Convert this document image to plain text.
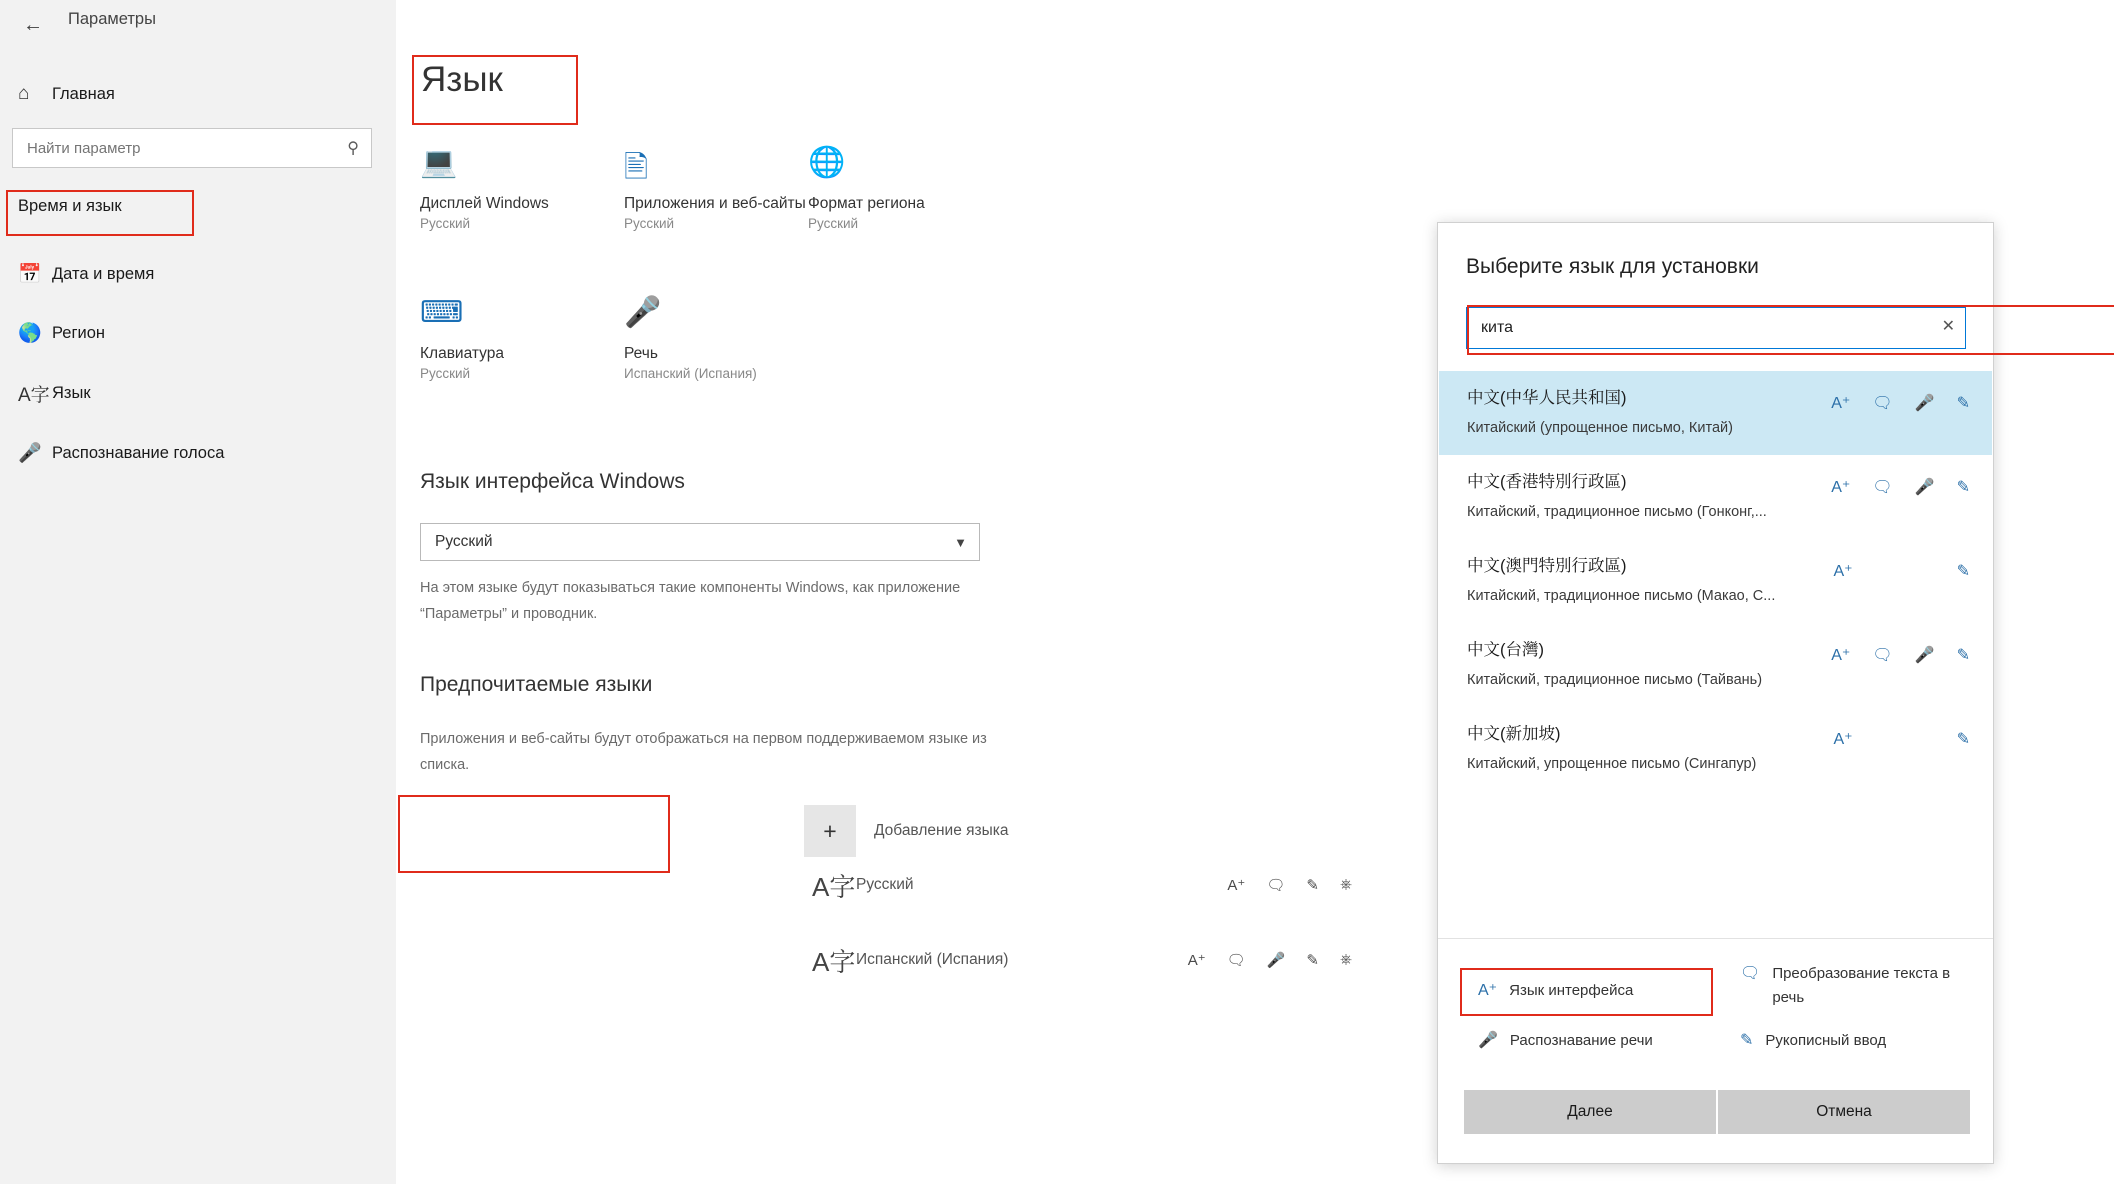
←	Параметры
Найти параметр
⚲
⌂	Главная
Время и язык
📅 Дата и время
🌎 Регион
A字 Язык
🎤 Распознавание голоса
Язык
💻
Дисплей Windows
Русский
🖹
Приложения и веб-сайты
Русский
🌐
Формат региона
Русский
⌨
Клавиатура
Русский
🎤
Речь
Испанский (Испания)
Язык интерфейса Windows
Русский	▼
На этом языке будут показываться такие компоненты Windows, как приложение “Параметры” и проводник.
Предпочитаемые языки
Приложения и веб-сайты будут отображаться на первом поддерживаемом языке из списка.
+	Добавление языка
A字 Русский	A⁺ 🗨 ✎ ⎈
A字 Испанский (Испания)	A⁺ 🗨 🎤 ✎ ⎈
Выберите язык для установки
кита
✕
中文(中华人民共和国)
Китайский (упрощенное письмо, Китай)
A⁺ 🗨 🎤 ✎
中文(香港特別行政區)
Китайский, традиционное письмо (Гонконг,...
A⁺ 🗨 🎤 ✎
中文(澳門特別行政區)
Китайский, традиционное письмо (Макао, С...
A⁺	✎
中文(台灣)
Китайский, традиционное письмо (Тайвань)
A⁺ 🗨 🎤 ✎
中文(新加坡)
Китайский, упрощенное письмо (Сингапур)
A⁺	✎
A⁺ Язык интерфейса
🗨 Преобразование текста в речь
🎤 Распознавание речи	✎ Рукописный ввод
Далее	Отмена
